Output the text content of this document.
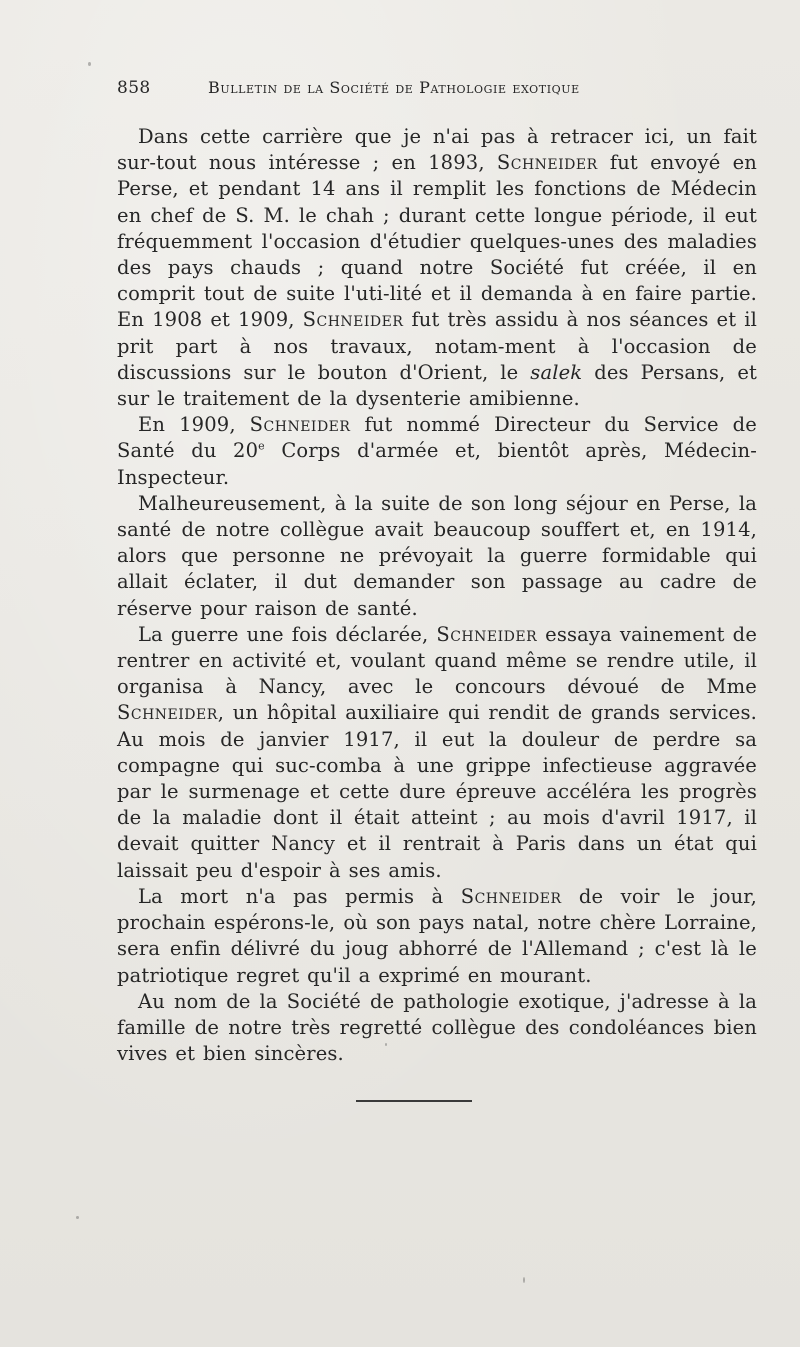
858	Bulletin de la Société de Pathologie exotique

Dans cette carrière que je n'ai pas à retracer ici, un fait sur-tout nous intéresse ; en 1893, Schneider fut envoyé en Perse, et pendant 14 ans il remplit les fonctions de Médecin en chef de S. M. le chah ; durant cette longue période, il eut fréquemment l'occasion d'étudier quelques-unes des maladies des pays chauds ; quand notre Société fut créée, il en comprit tout de suite l'uti-lité et il demanda à en faire partie. En 1908 et 1909, Schneider fut très assidu à nos séances et il prit part à nos travaux, notam-ment à l'occasion de discussions sur le bouton d'Orient, le salek des Persans, et sur le traitement de la dysenterie amibienne.

En 1909, Schneider fut nommé Directeur du Service de Santé du 20e Corps d'armée et, bientôt après, Médecin-Inspecteur.

Malheureusement, à la suite de son long séjour en Perse, la santé de notre collègue avait beaucoup souffert et, en 1914, alors que personne ne prévoyait la guerre formidable qui allait éclater, il dut demander son passage au cadre de réserve pour raison de santé.

La guerre une fois déclarée, Schneider essaya vainement de rentrer en activité et, voulant quand même se rendre utile, il organisa à Nancy, avec le concours dévoué de Mme Schneider, un hôpital auxiliaire qui rendit de grands services. Au mois de janvier 1917, il eut la douleur de perdre sa compagne qui suc-comba à une grippe infectieuse aggravée par le surmenage et cette dure épreuve accéléra les progrès de la maladie dont il était atteint ; au mois d'avril 1917, il devait quitter Nancy et il rentrait à Paris dans un état qui laissait peu d'espoir à ses amis.

La mort n'a pas permis à Schneider de voir le jour, prochain espérons-le, où son pays natal, notre chère Lorraine, sera enfin délivré du joug abhorré de l'Allemand ; c'est là le patriotique regret qu'il a exprimé en mourant.

Au nom de la Société de pathologie exotique, j'adresse à la famille de notre très regretté collègue des condoléances bien vives et bien sincères.
